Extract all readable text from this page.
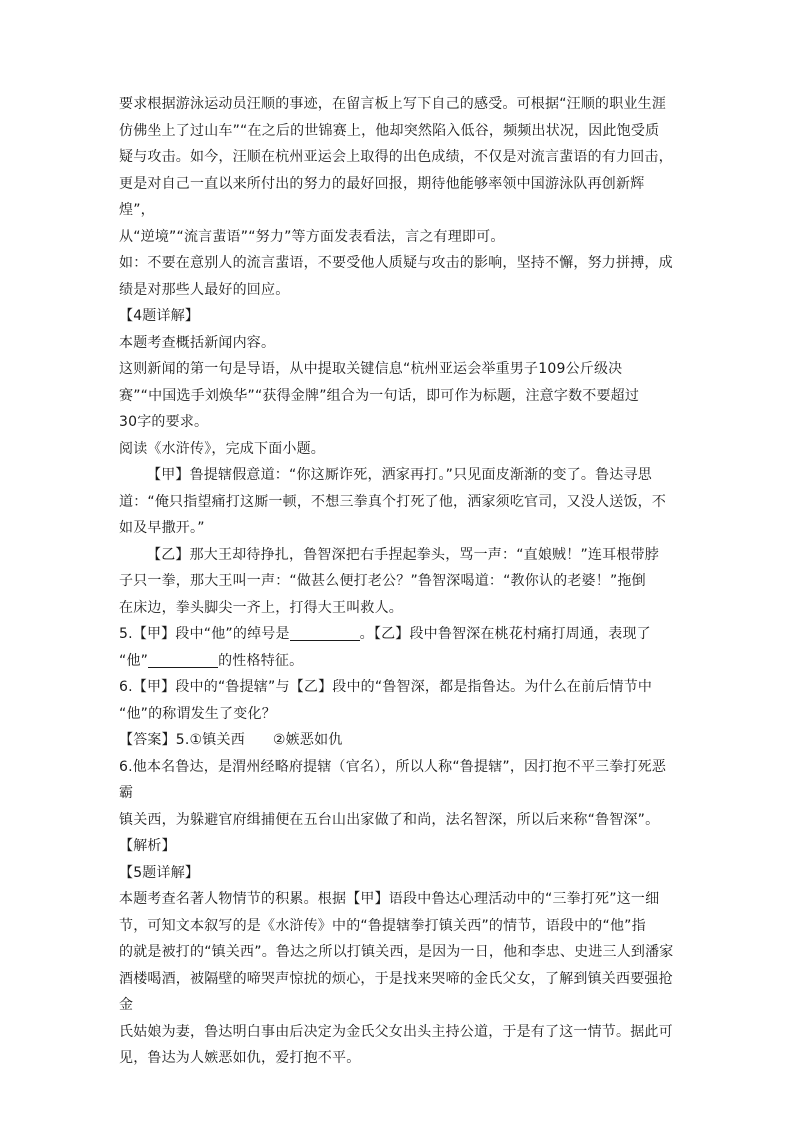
要求根据游泳运动员汪顺的事迹，在留言板上写下自己的感受。可根据“汪顺的职业生涯

仿佛坐上了过山车”“在之后的世锦赛上，他却突然陷入低谷，频频出状况，因此饱受质

疑与攻击。如今，汪顺在杭州亚运会上取得的出色成绩，不仅是对流言蜚语的有力回击，

更是对自己一直以来所付出的努力的最好回报，期待他能够率领中国游泳队再创新辉煌”，

从“逆境”“流言蜚语”“努力”等方面发表看法，言之有理即可。

如：不要在意别人的流言蜚语，不要受他人质疑与攻击的影响，坚持不懈，努力拼搏，成

绩是对那些人最好的回应。

【4题详解】

本题考查概括新闻内容。

这则新闻的第一句是导语，从中提取关键信息“杭州亚运会举重男子109公斤级决

赛”“中国选手刘焕华”“获得金牌”组合为一句话，即可作为标题，注意字数不要超过

30字的要求。

阅读《水浒传》，完成下面小题。

【甲】鲁提辖假意道：“你这厮诈死，洒家再打。”只见面皮渐渐的变了。鲁达寻思

道：“俺只指望痛打这厮一顿，不想三拳真个打死了他，洒家须吃官司，又没人送饭，不

如及早撒开。”

【乙】那大王却待挣扎，鲁智深把右手捏起拳头，骂一声：“直娘贼！”连耳根带脖

子只一拳，那大王叫一声：“做甚么便打老公？”鲁智深喝道：“教你认的老婆！”拖倒

在床边，拳头脚尖一齐上，打得大王叫救人。

5.【甲】段中“他”的绰号是	。【乙】段中鲁智深在桃花村痛打周通，表现了

“他”	的性格特征。

6.【甲】段中的“鲁提辖”与【乙】段中的“鲁智深，都是指鲁达。为什么在前后情节中

“他”的称谓发生了变化？

【答案】5.①镇关西 ②嫉恶如仇

6.他本名鲁达，是渭州经略府提辖（官名），所以人称“鲁提辖”，因打抱不平三拳打死恶霸

镇关西，为躲避官府缉捕便在五台山出家做了和尚，法名智深，所以后来称“鲁智深”。

【解析】

【5题详解】

本题考查名著人物情节的积累。根据【甲】语段中鲁达心理活动中的“三拳打死”这一细

节，可知文本叙写的是《水浒传》中的“鲁提辖拳打镇关西”的情节，语段中的“他”指

的就是被打的“镇关西”。鲁达之所以打镇关西，是因为一日，他和李忠、史进三人到潘家

酒楼喝酒，被隔壁的啼哭声惊扰的烦心，于是找来哭啼的金氏父女，了解到镇关西要强抢金

氏姑娘为妻，鲁达明白事由后决定为金氏父女出头主持公道，于是有了这一情节。据此可

见，鲁达为人嫉恶如仇，爱打抱不平。
